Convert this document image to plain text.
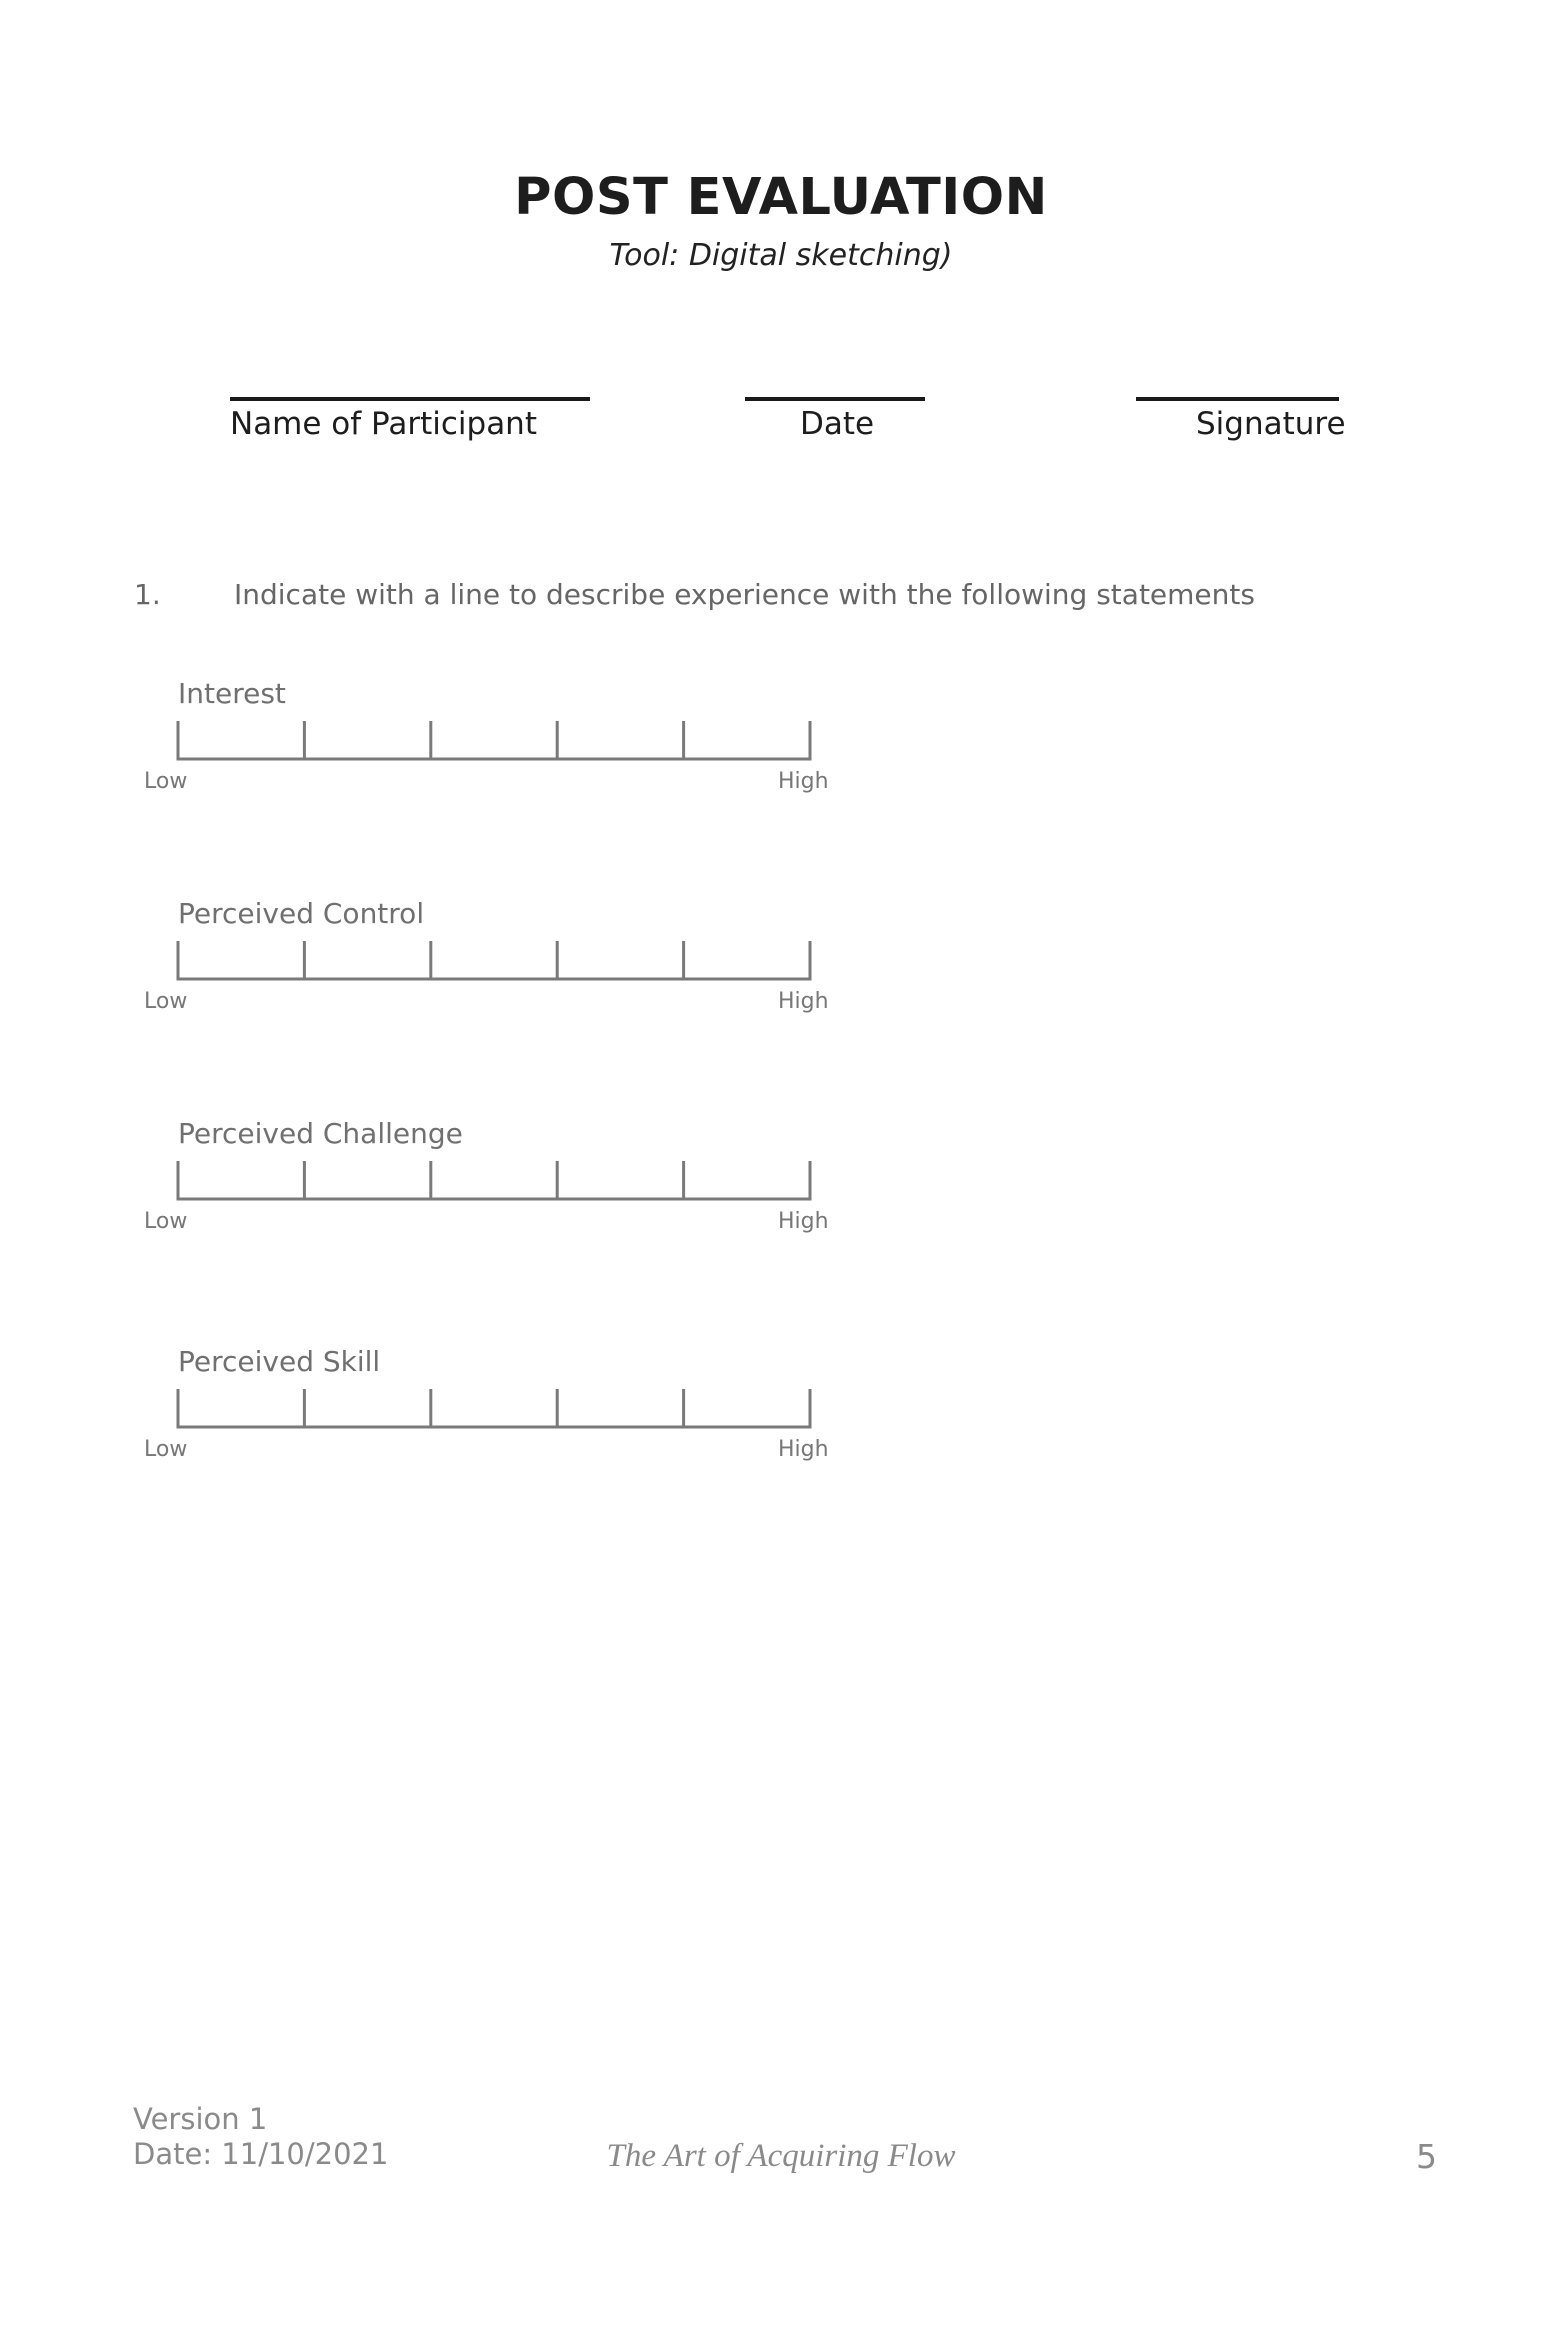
POST EVALUATION
Tool: Digital sketching)
Name of Participant	Date	Signature
1.	Indicate with a line to describe experience with the following statements
Interest
Low	High
Perceived Control
Low	High
Perceived Challenge
Low	High
Perceived Skill
Low	High
Version 1
Date: 11/10/2021	The Art of Acquiring Flow	5
